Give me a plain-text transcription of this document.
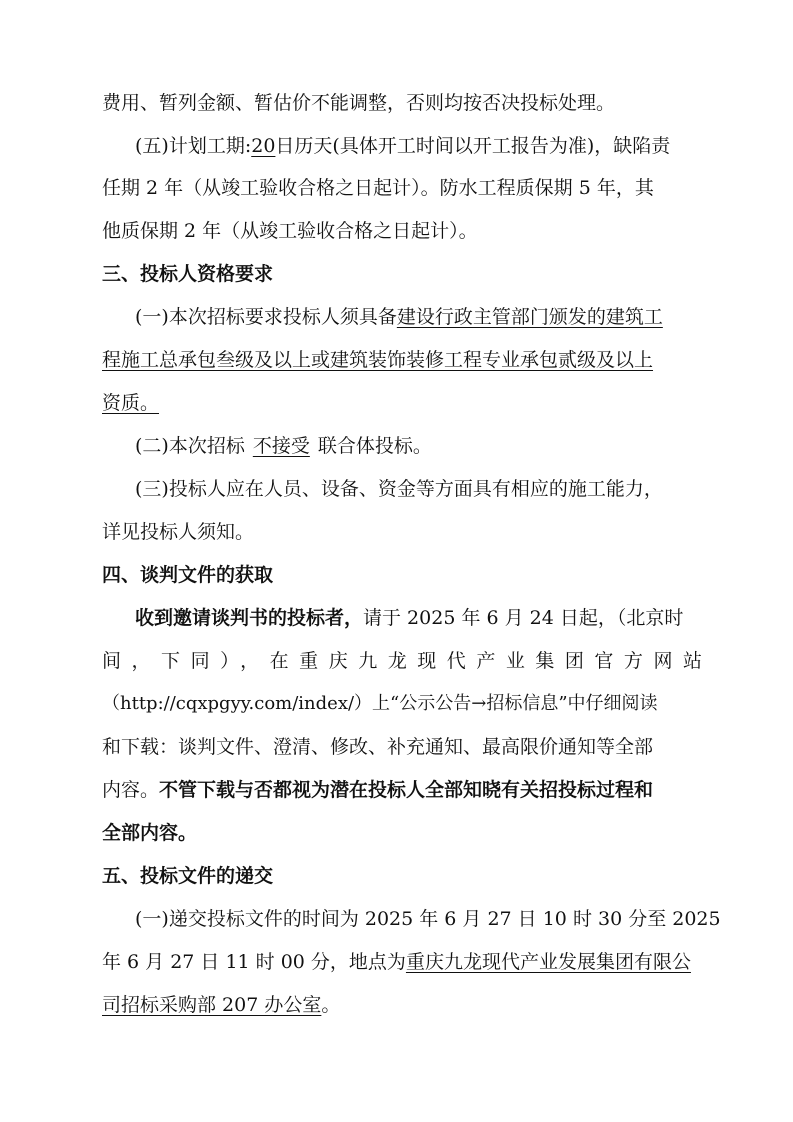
费用、暂列金额、暂估价不能调整，否则均按否决投标处理。
(五)计划工期:20日历天(具体开工时间以开工报告为准)，缺陷责
任期 2 年（从竣工验收合格之日起计）。防水工程质保期 5 年，其
他质保期 2 年（从竣工验收合格之日起计）。
三、投标人资格要求
(一)本次招标要求投标人须具备建设行政主管部门颁发的建筑工
程施工总承包叁级及以上或建筑装饰装修工程专业承包贰级及以上
资质。
(二)本次招标 不接受 联合体投标。
(三)投标人应在人员、设备、资金等方面具有相应的施工能力，
详见投标人须知。
四、谈判文件的获取
收到邀请谈判书的投标者，请于 2025 年 6 月 24 日起，（北京时
间，下同），在重庆九龙现代产业集团官方网站
（http://cqxpgyy.com/index/）上“公示公告→招标信息”中仔细阅读
和下载：谈判文件、澄清、修改、补充通知、最高限价通知等全部
内容。不管下载与否都视为潜在投标人全部知晓有关招投标过程和
全部内容。
五、投标文件的递交
(一)递交投标文件的时间为 2025 年 6 月 27 日 10 时 30 分至 2025
年 6 月 27 日 11 时 00 分，地点为重庆九龙现代产业发展集团有限公
司招标采购部 207 办公室。
